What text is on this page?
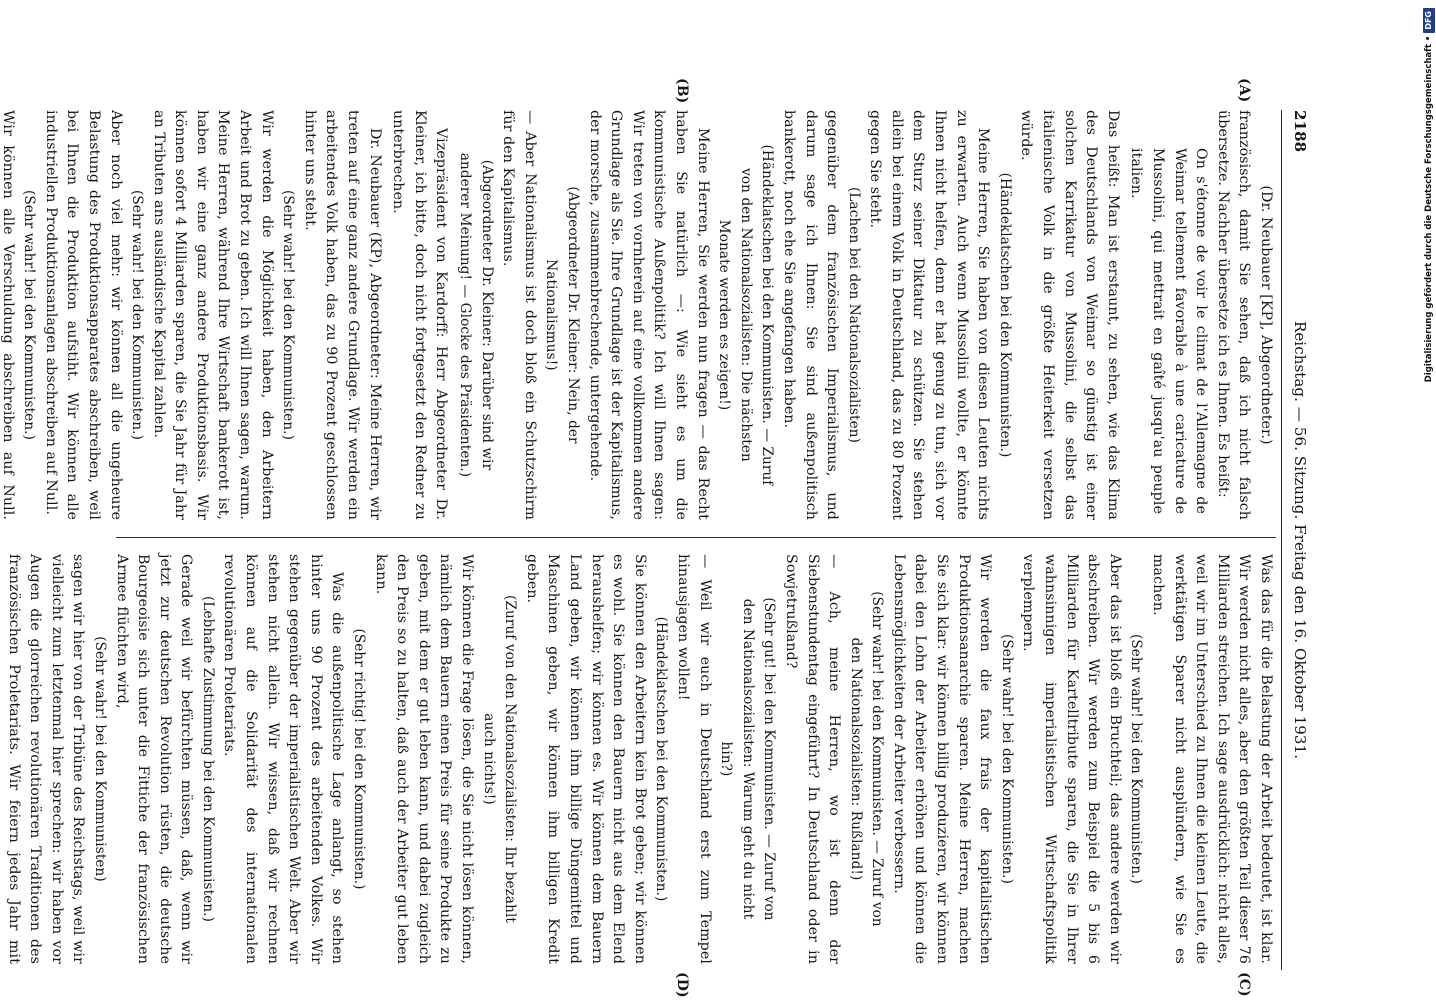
Digitalisierung gefördert durch die Deutsche Forschungsgemeinschaft •
DFG
2188
Reichstag. — 56. Sitzung. Freitag den 16. Oktober 1931.

(Dr. Neubauer [KP], Abgeordneter.)

französisch, damit Sie sehen, daß ich nicht falsch übersetze. Nachher übersetze ich es Ihnen. Es heißt:

On s'étonne de voir le climat de l'Allemagne de Weimar tellement favorable à une caricature de Mussolini, qui mettrait en gaîté jusqu'au peuple italien.

Das heißt: Man ist erstaunt, zu sehen, wie das Klima des Deutschlands von Weimar so günstig ist einer solchen Karrikatur von Mussolini, die selbst das italienische Volk in die größte Heiterkeit versetzen würde.

(Händeklatschen bei den Kommunisten.)

Meine Herren, Sie haben von diesen Leuten nichts zu erwarten. Auch wenn Mussolini wollte, er könnte Ihnen nicht helfen, denn er hat genug zu tun, sich vor dem Sturz seiner Diktatur zu schützen. Sie stehen allein bei einem Volk in Deutschland, das zu 80 Prozent gegen Sie steht.

(Lachen bei den Nationalsozialisten)

gegenüber dem französischen Imperialismus, und darum sage ich Ihnen: Sie sind außenpolitisch bankerott, noch ehe Sie angefangen haben.

(Händeklatschen bei den Kommunisten. — Zuruf von den Nationalsozialisten: Die nächsten Monate werden es zeigen!)

Meine Herren, Sie werden nun fragen — das Recht haben Sie natürlich —: Wie sieht es um die kommunistische Außenpolitik? Ich will Ihnen sagen: Wir treten von vornherein auf eine vollkommen andere Grundlage als Sie. Ihre Grundlage ist der Kapitalismus, der morsche, zusammenbrechende, untergehende.

(Abgeordneter Dr. Kleiner: Nein, der Nationalismus!)

— Aber Nationalismus ist doch bloß ein Schutzschirm für den Kapitalismus.

(Abgeordneter Dr. Kleiner: Darüber sind wir anderer Meinung! — Glocke des Präsidenten.)

Vizepräsident von Kardorff: Herr Abgeordneter Dr. Kleiner, ich bitte, doch nicht fortgesetzt den Redner zu unterbrechen.

Dr. Neubauer (KP), Abgeordneter: Meine Herren, wir treten auf eine ganz andere Grundlage. Wir werden ein arbeitendes Volk haben, das zu 90 Prozent geschlossen hinter uns steht.

(Sehr wahr! bei den Kommunisten.)

Wir werden die Möglichkeit haben, den Arbeitern Arbeit und Brot zu geben. Ich will Ihnen sagen, warum. Meine Herren, während Ihre Wirtschaft bankerott ist, haben wir eine ganz andere Produktionsbasis. Wir können sofort 4 Milliarden sparen, die Sie Jahr für Jahr an Tributen ans ausländische Kapital zahlen.

(Sehr wahr! bei den Kommunisten.)

Aber noch viel mehr: wir können all die ungeheure Belastung des Produktionsapparates abschreiben, weil bei Ihnen die Produktion aufstiht. Wir können alle industriellen Produktionsanlagen abschreiben auf Null.

(Sehr wahr! bei den Kommunisten.)

Wir können alle Verschuldung abschreiben auf Null.

Was das für die Belastung der Arbeit bedeutet, ist klar. Wir werden nicht alles, aber den größten Teil dieser 76 Milliarden streichen. Ich sage ausdrücklich: nicht alles, weil wir im Unterschied zu Ihnen die kleinen Leute, die werktätigen Sparer nicht ausplündern, wie Sie es machen.

(Sehr wahr! bei den Kommunisten.)

Aber das ist bloß ein Bruchteil; das andere werden wir abschreiben. Wir werden zum Beispiel die 5 bis 6 Milliarden für Kartelltribute sparen, die Sie in Ihrer wahnsinnigen imperialistischen Wirtschaftspolitik verplempern.

(Sehr wahr! bei den Kommunisten.)

Wir werden die faux frais der kapitalistischen Produktionsanarchie sparen. Meine Herren, machen Sie sich klar: wir können billig produzieren, wir können dabei den Lohn der Arbeiter erhöhen und können die Lebensmöglichkeiten der Arbeiter verbessern.

(Sehr wahr! bei den Kommunisten. — Zuruf von den Nationalsozialisten: Rußland!)

— Ach, meine Herren, wo ist denn der Siebenstundentag eingeführt? In Deutschland oder in Sowjetrußland?

(Sehr gut! bei den Kommunisten. — Zuruf von den Nationalsozialisten: Warum geht du nicht hin?)

— Weil wir euch in Deutschland erst zum Tempel hinausjagen wollen!

(Händeklatschen bei den Kommunisten.)

Sie können den Arbeitern kein Brot geben; wir können es wohl. Sie können den Bauern nicht aus dem Elend heraushelfen; wir können es. Wir können dem Bauern Land geben, wir können ihm billige Düngemittel und Maschinen geben, wir können ihm billigen Kredit geben.

(Zuruf von den Nationalsozialisten: Ihr bezahlt auch nichts!)

Wir können die Frage lösen, die Sie nicht lösen können, nämlich dem Bauern einen Preis für seine Produkte zu geben, mit dem er gut leben kann, und dabei zugleich den Preis so zu halten, daß auch der Arbeiter gut leben kann.

(Sehr richtig! bei den Kommunisten.)

Was die außenpolitische Lage anlangt, so stehen hinter uns 90 Prozent des arbeitenden Volkes. Wir stehen gegenüber der imperialistischen Welt. Aber wir stehen nicht allein. Wir wissen, daß wir rechnen können auf die Solidarität des internationalen revolutionären Proletariats.

(Lebhafte Zustimmung bei den Kommunisten.)

Gerade weil wir befürchten müssen, daß, wenn wir jetzt zur deutschen Revolution rüsten, die deutsche Bourgeoisie sich unter die Fittiche der französischen Armee flüchten wird,

(Sehr wahr! bei den Kommunisten)

sagen wir hier von der Tribüne des Reichstags, weil wir vielleicht zum letztenmal hier sprechen: wir haben vor Augen die glorreichen revolutionären Traditionen des französischen Proletariats. Wir feiern jedes Jahr mit

(A)
(B)
(C)
(D)
